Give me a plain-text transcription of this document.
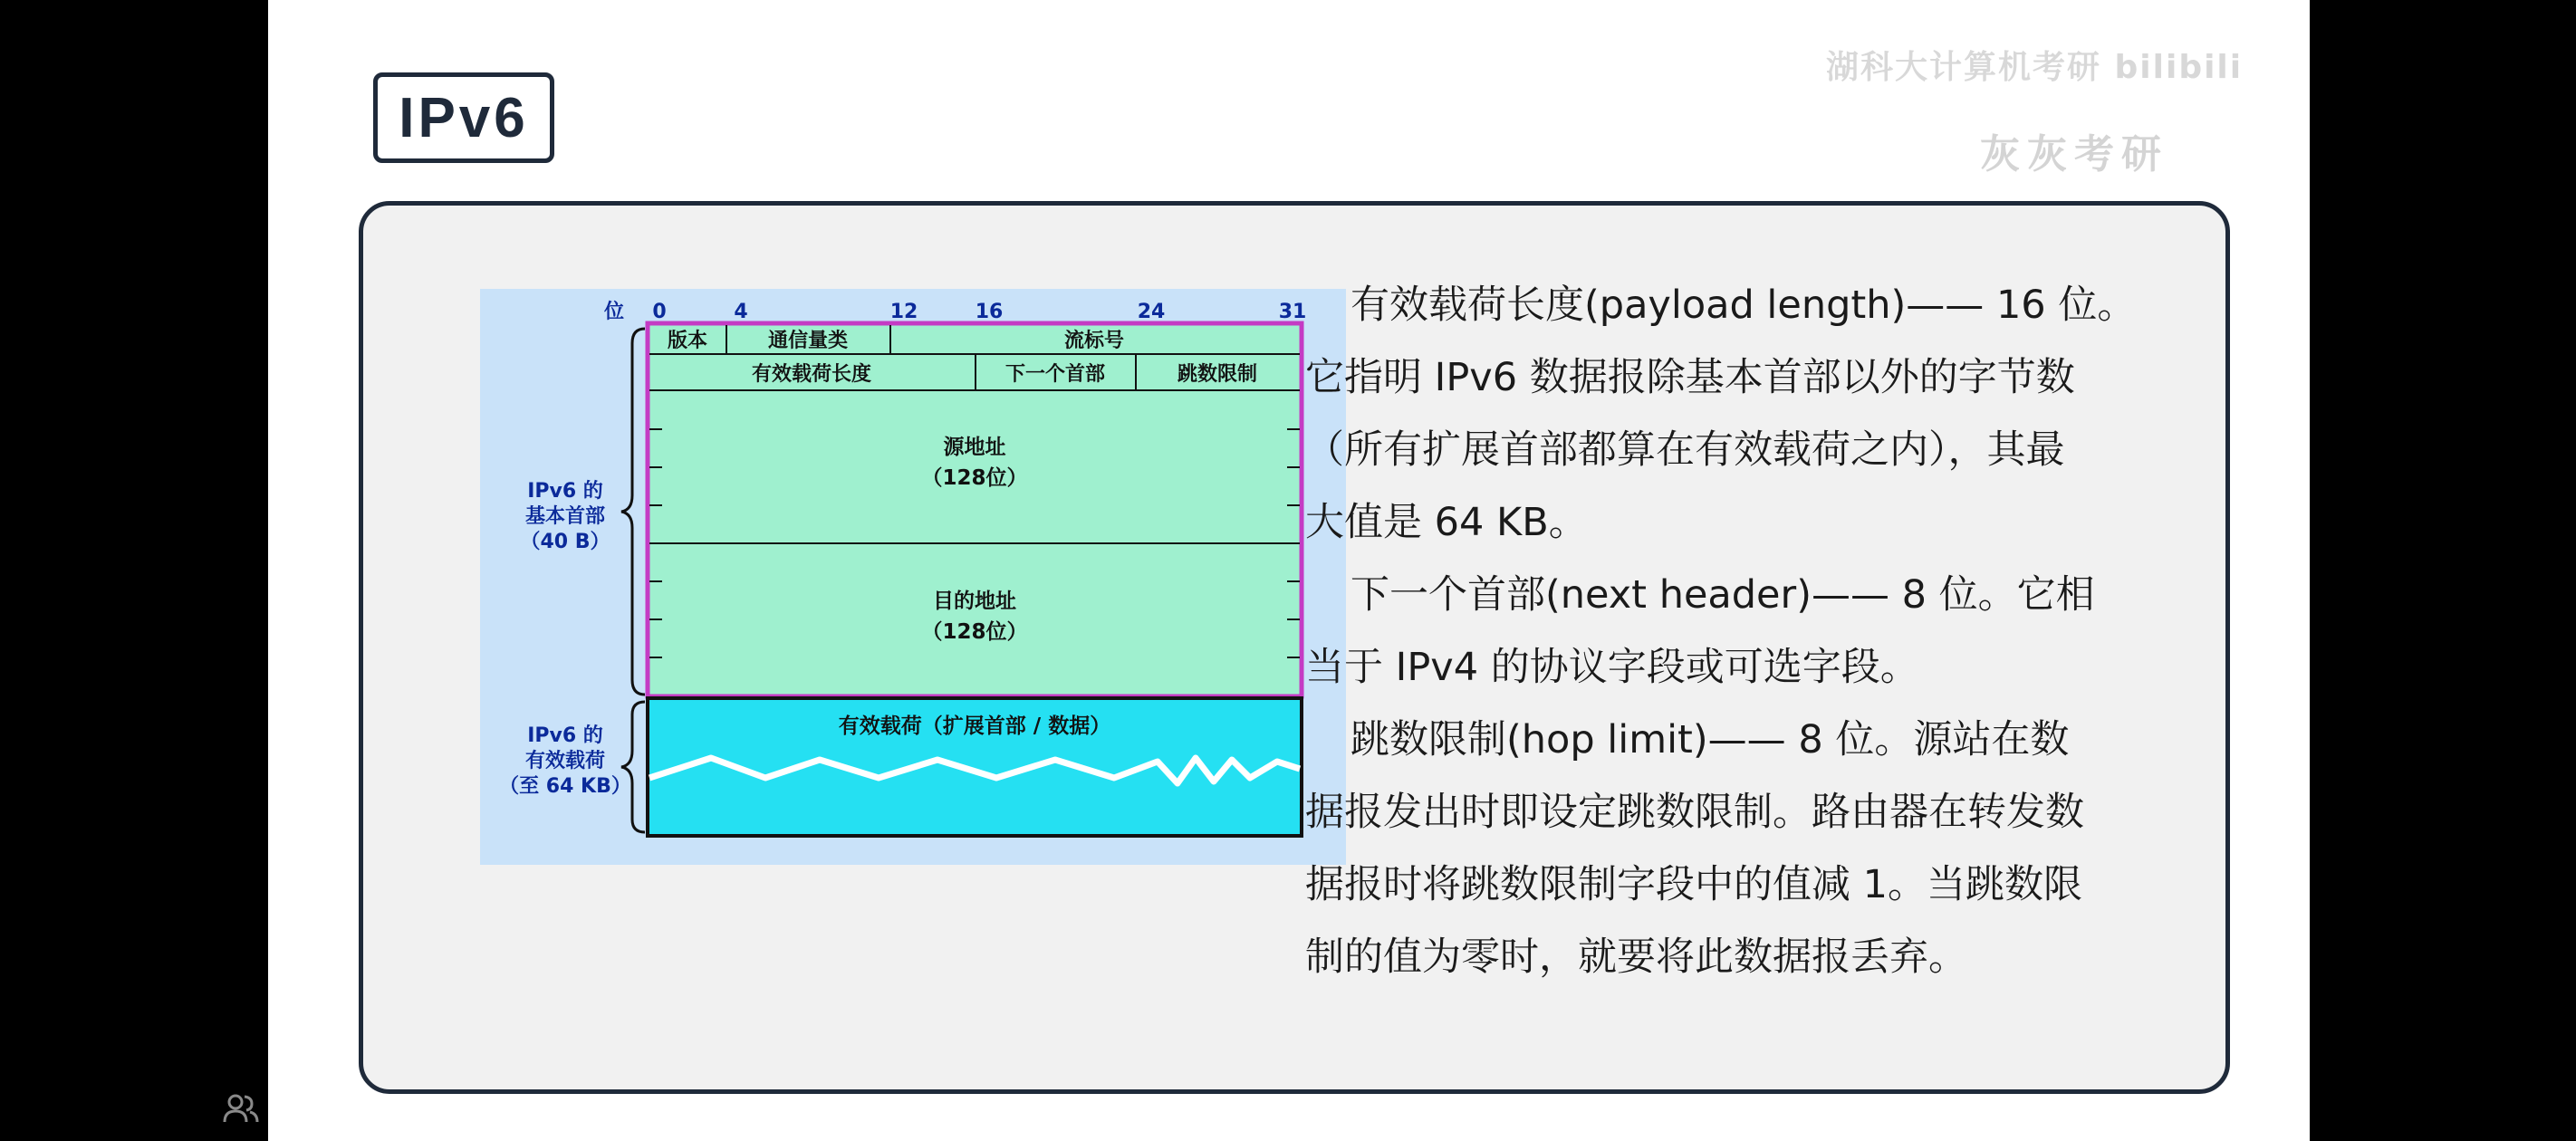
IPv6
湖科大计算机考研 bilibili
灰灰考研
位 0	4	12	16	24	31
版本	通信量类	流标号
有效载荷长度	下一个首部	跳数限制
源地址
（128位）
目的地址
（128位）
有效载荷（扩展首部 / 数据）
IPv6 的
基本首部
（40 B）
IPv6 的
有效载荷
（至 64 KB）

有效载荷长度(payload length)—— 16 位。

它指明 IPv6 数据报除基本首部以外的字节数

（所有扩展首部都算在有效载荷之内），其最

大值是 64 KB。

下一个首部(next header)—— 8 位。它相

当于 IPv4 的协议字段或可选字段。

跳数限制(hop limit)—— 8 位。源站在数

据报发出时即设定跳数限制。路由器在转发数

据报时将跳数限制字段中的值减 1。当跳数限

制的值为零时，就要将此数据报丢弃。
